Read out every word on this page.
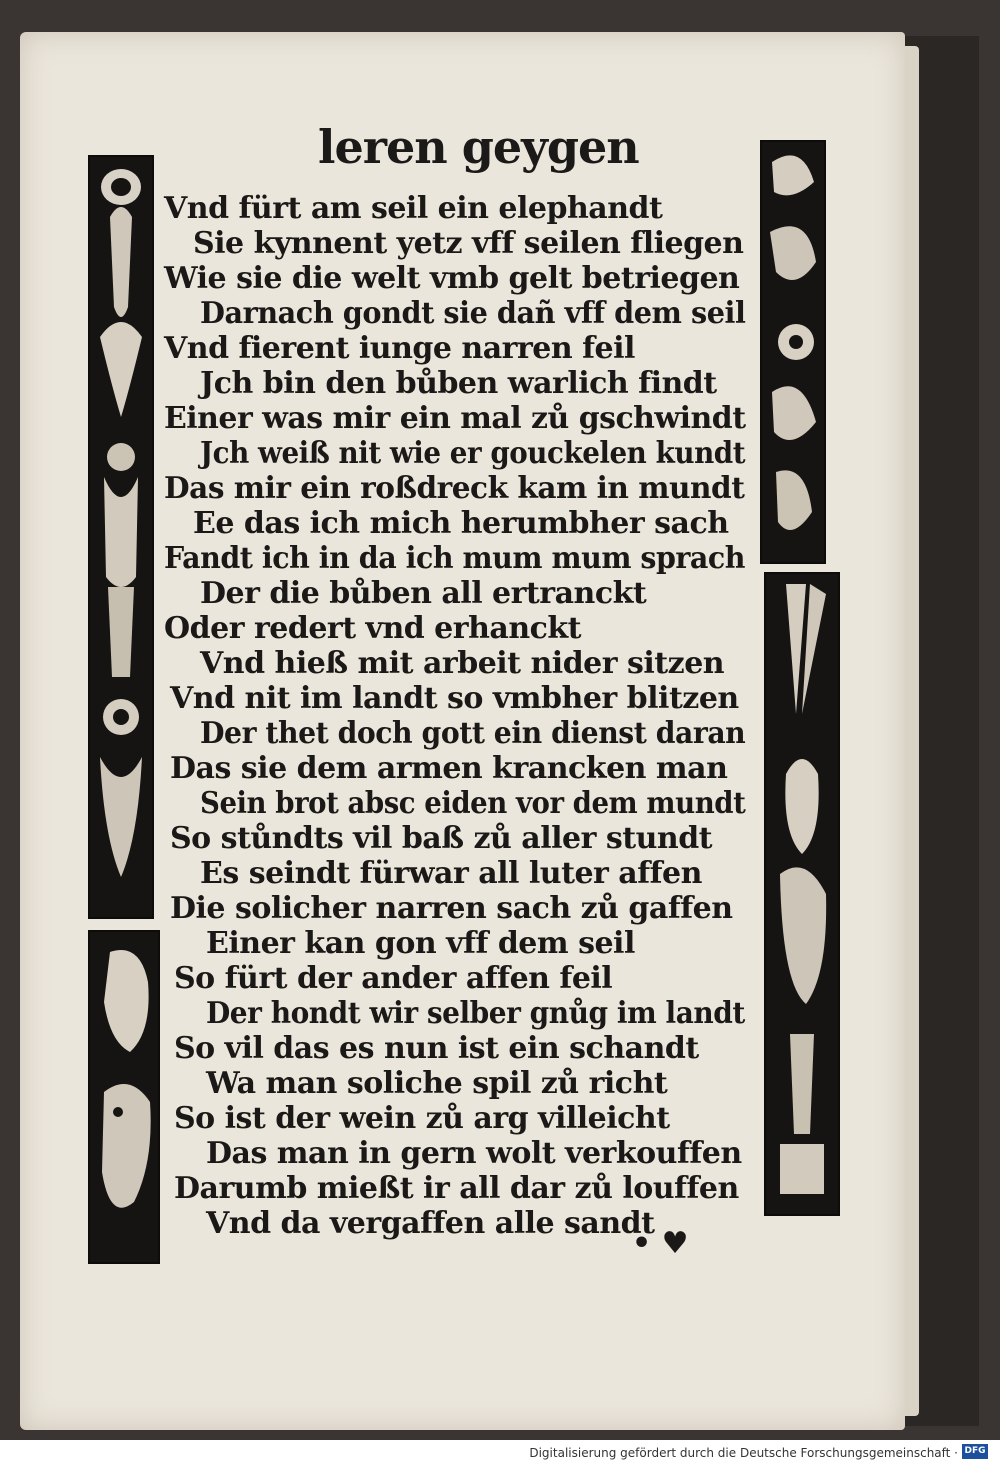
leren geygen
Vnd fürt am seil ein elephandt
Sie kynnent yetz vff seilen fliegen
Wie sie die welt vmb gelt betriegen
Darnach gondt sie dañ vff dem seil
Vnd fierent iunge narren feil
Jch bin den bůben warlich findt
Einer was mir ein mal zů gschwindt
Jch weiß nit wie er gouckelen kundt
Das mir ein roßdreck kam in mundt
Ee das ich mich herumbher sach
Fandt ich in da ich mum mum sprach
Der die bůben all ertranckt
Oder redert vnd erhanckt
Vnd hieß mit arbeit nider sitzen
Vnd nit im landt so vmbher blitzen
Der thet doch gott ein dienst daran
Das sie dem armen krancken man
Sein brot absc eiden vor dem mundt
So stůndts vil baß zů aller stundt
Es seindt fürwar all luter affen
Die solicher narren sach zů gaffen
Einer kan gon vff dem seil
So fürt der ander affen feil
Der hondt wir selber gnůg im landt
So vil das es nun ist ein schandt
Wa man soliche spil zů richt
So ist der wein zů arg villeicht
Das man in gern wolt verkouffen
Darumb mießt ir all dar zů louffen
Vnd da vergaffen alle sandt
• ♥
Digitalisierung gefördert durch die Deutsche Forschungsgemeinschaft · DFG
